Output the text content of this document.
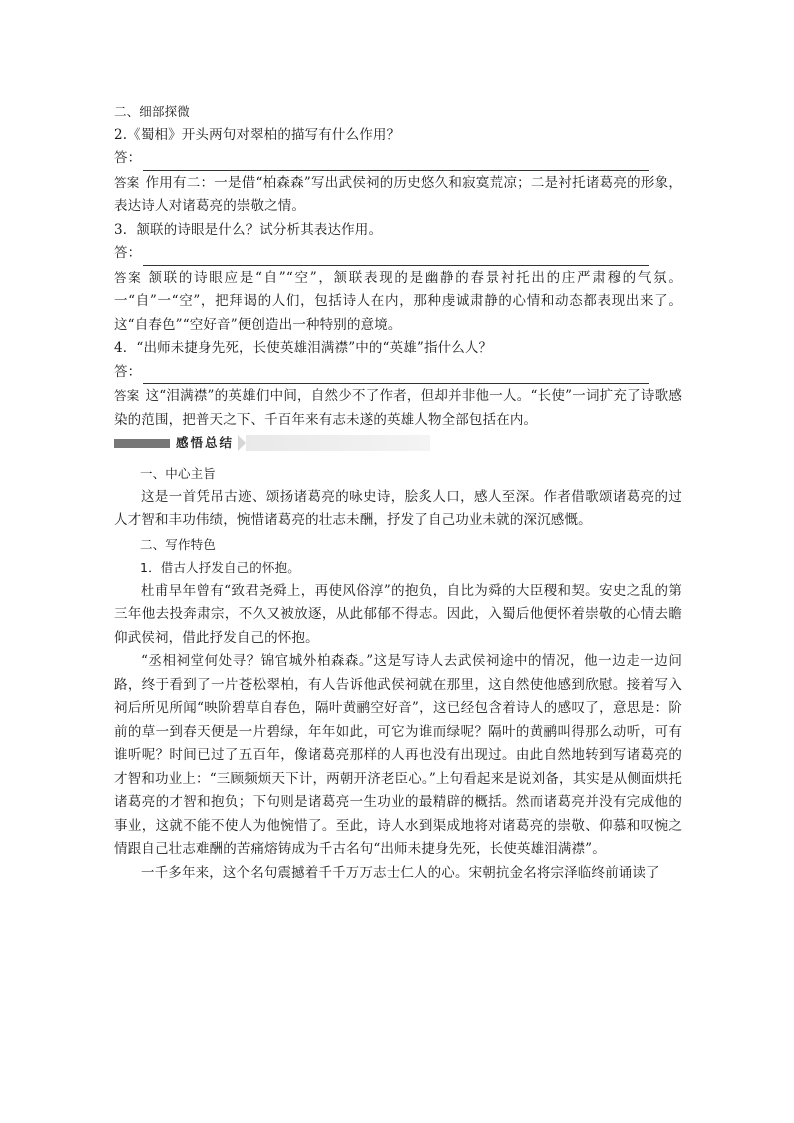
二、细部探微

2.《蜀相》开头两句对翠柏的描写有什么作用？

答：

答案 作用有二：一是借“柏森森”写出武侯祠的历史悠久和寂寞荒凉；二是衬托诸葛亮的形象，表达诗人对诸葛亮的崇敬之情。

3．颔联的诗眼是什么？试分析其表达作用。

答：

答案 颔联的诗眼应是“自”“空”，颔联表现的是幽静的春景衬托出的庄严肃穆的气氛。一“自”一“空”，把拜谒的人们，包括诗人在内，那种虔诚肃静的心情和动态都表现出来了。这“自春色”“空好音”便创造出一种特别的意境。

4．“出师未捷身先死，长使英雄泪满襟”中的“英雄”指什么人？

答：

答案 这“泪满襟”的英雄们中间，自然少不了作者，但却并非他一人。“长使”一词扩充了诗歌感染的范围，把普天之下、千百年来有志未遂的英雄人物全部包括在内。

感悟总结

一、中心主旨

这是一首凭吊古迹、颂扬诸葛亮的咏史诗，脍炙人口，感人至深。作者借歌颂诸葛亮的过人才智和丰功伟绩，惋惜诸葛亮的壮志未酬，抒发了自己功业未就的深沉感慨。

二、写作特色

1．借古人抒发自己的怀抱。

杜甫早年曾有“致君尧舜上，再使风俗淳”的抱负，自比为舜的大臣稷和契。安史之乱的第三年他去投奔肃宗，不久又被放逐，从此郁郁不得志。因此，入蜀后他便怀着崇敬的心情去瞻仰武侯祠，借此抒发自己的怀抱。

“丞相祠堂何处寻？锦官城外柏森森。”这是写诗人去武侯祠途中的情况，他一边走一边问路，终于看到了一片苍松翠柏，有人告诉他武侯祠就在那里，这自然使他感到欣慰。接着写入祠后所见所闻“映阶碧草自春色，隔叶黄鹂空好音”，这已经包含着诗人的感叹了，意思是：阶前的草一到春天便是一片碧绿，年年如此，可它为谁而绿呢？隔叶的黄鹂叫得那么动听，可有谁听呢？时间已过了五百年，像诸葛亮那样的人再也没有出现过。由此自然地转到写诸葛亮的才智和功业上：“三顾频烦天下计，两朝开济老臣心。”上句看起来是说刘备，其实是从侧面烘托诸葛亮的才智和抱负；下句则是诸葛亮一生功业的最精辟的概括。然而诸葛亮并没有完成他的事业，这就不能不使人为他惋惜了。至此，诗人水到渠成地将对诸葛亮的崇敬、仰慕和叹惋之情跟自己壮志难酬的苦痛熔铸成为千古名句“出师未捷身先死，长使英雄泪满襟”。

一千多年来，这个名句震撼着千千万万志士仁人的心。宋朝抗金名将宗泽临终前诵读了
